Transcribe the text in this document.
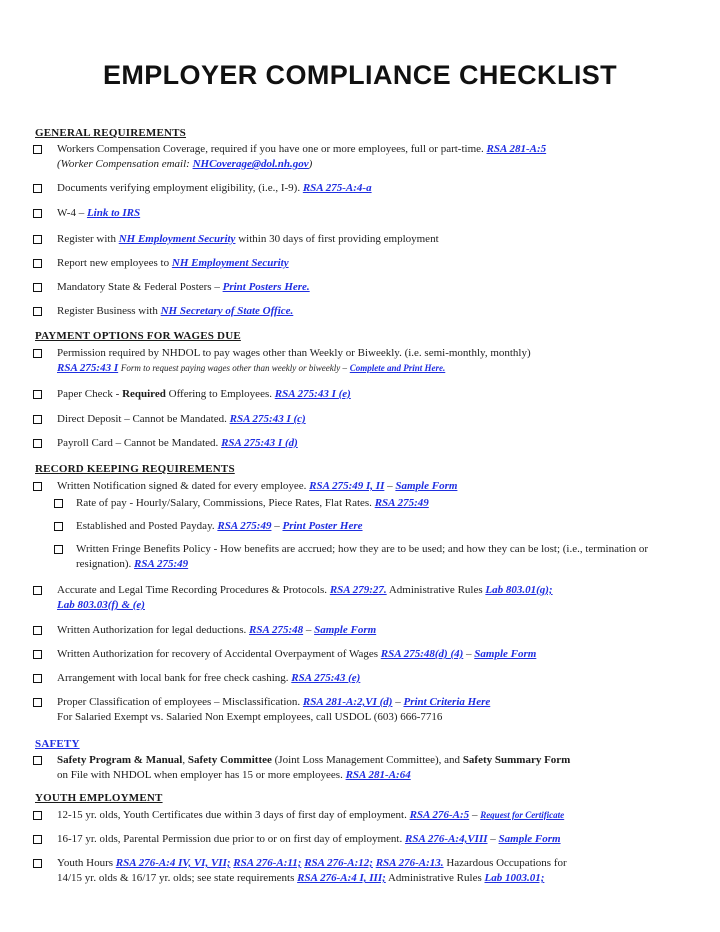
EMPLOYER COMPLIANCE CHECKLIST
GENERAL REQUIREMENTS
Workers Compensation Coverage, required if you have one or more employees, full or part-time. RSA 281-A:5
(Worker Compensation email: NHCoverage@dol.nh.gov)
Documents verifying employment eligibility, (i.e., I-9). RSA 275-A:4-a
W-4 – Link to IRS
Register with NH Employment Security within 30 days of first providing employment
Report new employees to NH Employment Security
Mandatory State & Federal Posters – Print Posters Here.
Register Business with NH Secretary of State Office.
PAYMENT OPTIONS FOR WAGES DUE
Permission required by NHDOL to pay wages other than Weekly or Biweekly. (i.e. semi-monthly, monthly)
RSA 275:43 I Form to request paying wages other than weekly or biweekly – Complete and Print Here.
Paper Check - Required Offering to Employees. RSA 275:43 I (e)
Direct Deposit – Cannot be Mandated. RSA 275:43 I (c)
Payroll Card – Cannot be Mandated. RSA 275:43 I (d)
RECORD KEEPING REQUIREMENTS
Written Notification signed & dated for every employee. RSA 275:49 I, II – Sample Form
Rate of pay - Hourly/Salary, Commissions, Piece Rates, Flat Rates. RSA 275:49
Established and Posted Payday. RSA 275:49 – Print Poster Here
Written Fringe Benefits Policy - How benefits are accrued; how they are to be used; and how they can be lost; (i.e., termination or resignation). RSA 275:49
Accurate and Legal Time Recording Procedures & Protocols. RSA 279:27. Administrative Rules Lab 803.01(g);
Lab 803.03(f) & (e)
Written Authorization for legal deductions. RSA 275:48 – Sample Form
Written Authorization for recovery of Accidental Overpayment of Wages RSA 275:48(d) (4) – Sample Form
Arrangement with local bank for free check cashing. RSA 275:43 (e)
Proper Classification of employees – Misclassification. RSA 281-A:2,VI (d) – Print Criteria Here
For Salaried Exempt vs. Salaried Non Exempt employees, call USDOL (603) 666-7716
SAFETY
Safety Program & Manual, Safety Committee (Joint Loss Management Committee), and Safety Summary Form
on File with NHDOL when employer has 15 or more employees. RSA 281-A:64
YOUTH EMPLOYMENT
12-15 yr. olds, Youth Certificates due within 3 days of first day of employment. RSA 276-A:5 – Request for Certificate
16-17 yr. olds, Parental Permission due prior to or on first day of employment. RSA 276-A:4,VIII – Sample Form
Youth Hours RSA 276-A:4 IV, VI, VII; RSA 276-A:11; RSA 276-A:12; RSA 276-A:13. Hazardous Occupations for
14/15 yr. olds & 16/17 yr. olds; see state requirements RSA 276-A:4 I, III; Administrative Rules Lab 1003.01;
